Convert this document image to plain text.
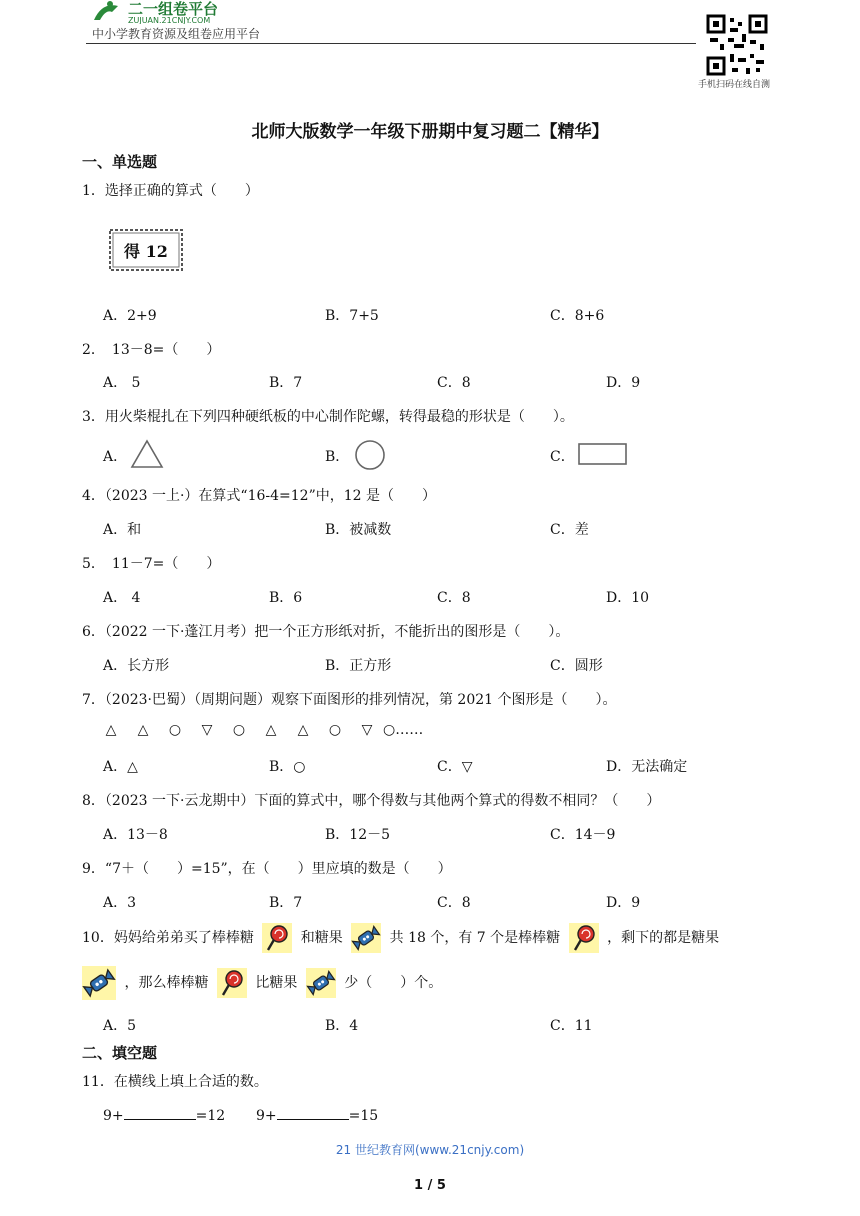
二一组卷平台
ZUJUAN.21CNJY.COM
中小学教育资源及组卷应用平台
手机扫码在线自测
北师大版数学一年级下册期中复习题二【精华】
一、单选题
1．选择正确的算式（　　）
得 12
A．2+9	B．7+5	C．8+6
2．　13－8=（　　）
A． 5	B．7	C．8	D．9
3．用火柴棍扎在下列四种硬纸板的中心制作陀螺，转得最稳的形状是（　　）。
A．	B．	C．
4．（2023 一上·）在算式“16-4=12”中，12 是（　　）
A．和	B．被减数	C．差
5．　11－7=（　　）
A． 4	B．6	C．8	D．10
6．（2022 一下·蓬江月考）把一个正方形纸对折，不能折出的图形是（　　）。
A．长方形	B．正方形	C．圆形
7．（2023·巴蜀）（周期问题）观察下面图形的排列情况，第 2021 个图形是（　　）。
△ △ ○ ▽ ○ △ △ ○ ▽ ○……
A．△	B．○	C．▽	D．无法确定
8．（2023 一下·云龙期中）下面的算式中，哪个得数与其他两个算式的得数不相同？（　　）
A．13－8	B．12－5	C．14－9
9．“7＋（　　）=15”，在（　　）里应填的数是（　　）
A．3	B．7	C．8	D．9
10．妈妈给弟弟买了棒棒糖	和糖果	共 18 个，有 7 个是棒棒糖	，剩下的都是糖果
，那么棒棒糖	比糖果	少（　　）个。
A．5	B．4	C．11
二、填空题
11．在横线上填上合适的数。
9+	=12 9+	=15
21 世纪教育网(www.21cnjy.com)
1 / 5
